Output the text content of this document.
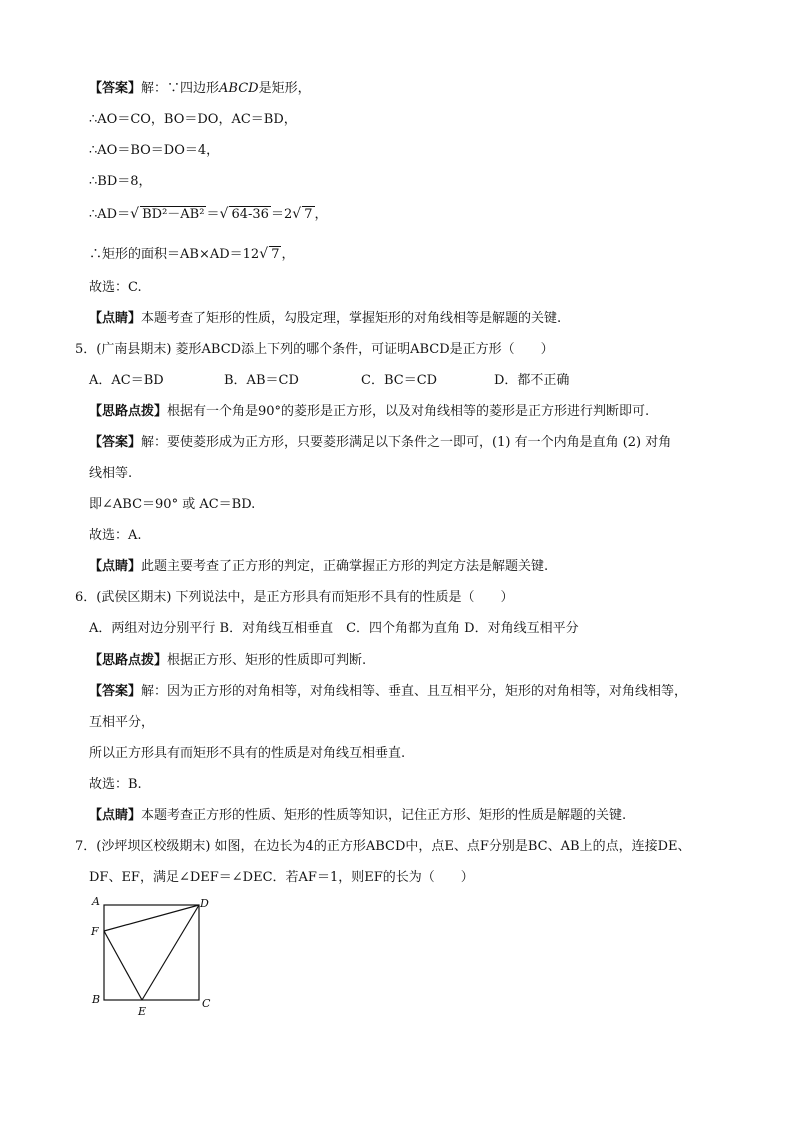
【答案】解：∵四边形ABCD是矩形，
∴AO＝CO，BO＝DO，AC＝BD，
∴AO＝BO＝DO＝4，
∴BD＝8，
∴AD＝ √ BD²－AB² ＝ √ 64-36 ＝2 √ 7 ，
∴矩形的面积＝AB×AD＝12 √ 7 ，
故选：C.
【点睛】本题考查了矩形的性质，勾股定理，掌握矩形的对角线相等是解题的关键.
5．(广南县期末) 菱形ABCD添上下列的哪个条件，可证明ABCD是正方形（　　）
A．AC＝BD	B．AB＝CD	C．BC＝CD	D．都不正确
【思路点拨】根据有一个角是90°的菱形是正方形，以及对角线相等的菱形是正方形进行判断即可.
【答案】解：要使菱形成为正方形，只要菱形满足以下条件之一即可，(1) 有一个内角是直角 (2) 对角
线相等.
即∠ABC＝90° 或 AC＝BD.
故选：A.
【点睛】此题主要考查了正方形的判定，正确掌握正方形的判定方法是解题关键.
6．(武侯区期末) 下列说法中，是正方形具有而矩形不具有的性质是（　　）
A．两组对边分别平行 B．对角线互相垂直　C．四个角都为直角 D．对角线互相平分
【思路点拨】根据正方形、矩形的性质即可判断.
【答案】解：因为正方形的对角相等，对角线相等、垂直、且互相平分，矩形的对角相等，对角线相等，
互相平分，
所以正方形具有而矩形不具有的性质是对角线互相垂直.
故选：B.
【点睛】本题考查正方形的性质、矩形的性质等知识，记住正方形、矩形的性质是解题的关键.
7．(沙坪坝区校级期末) 如图，在边长为4的正方形ABCD中，点E、点F分别是BC、AB上的点，连接DE、
DF、EF，满足∠DEF＝∠DEC．若AF＝1，则EF的长为（　　）
A
B	C
D
E
F
